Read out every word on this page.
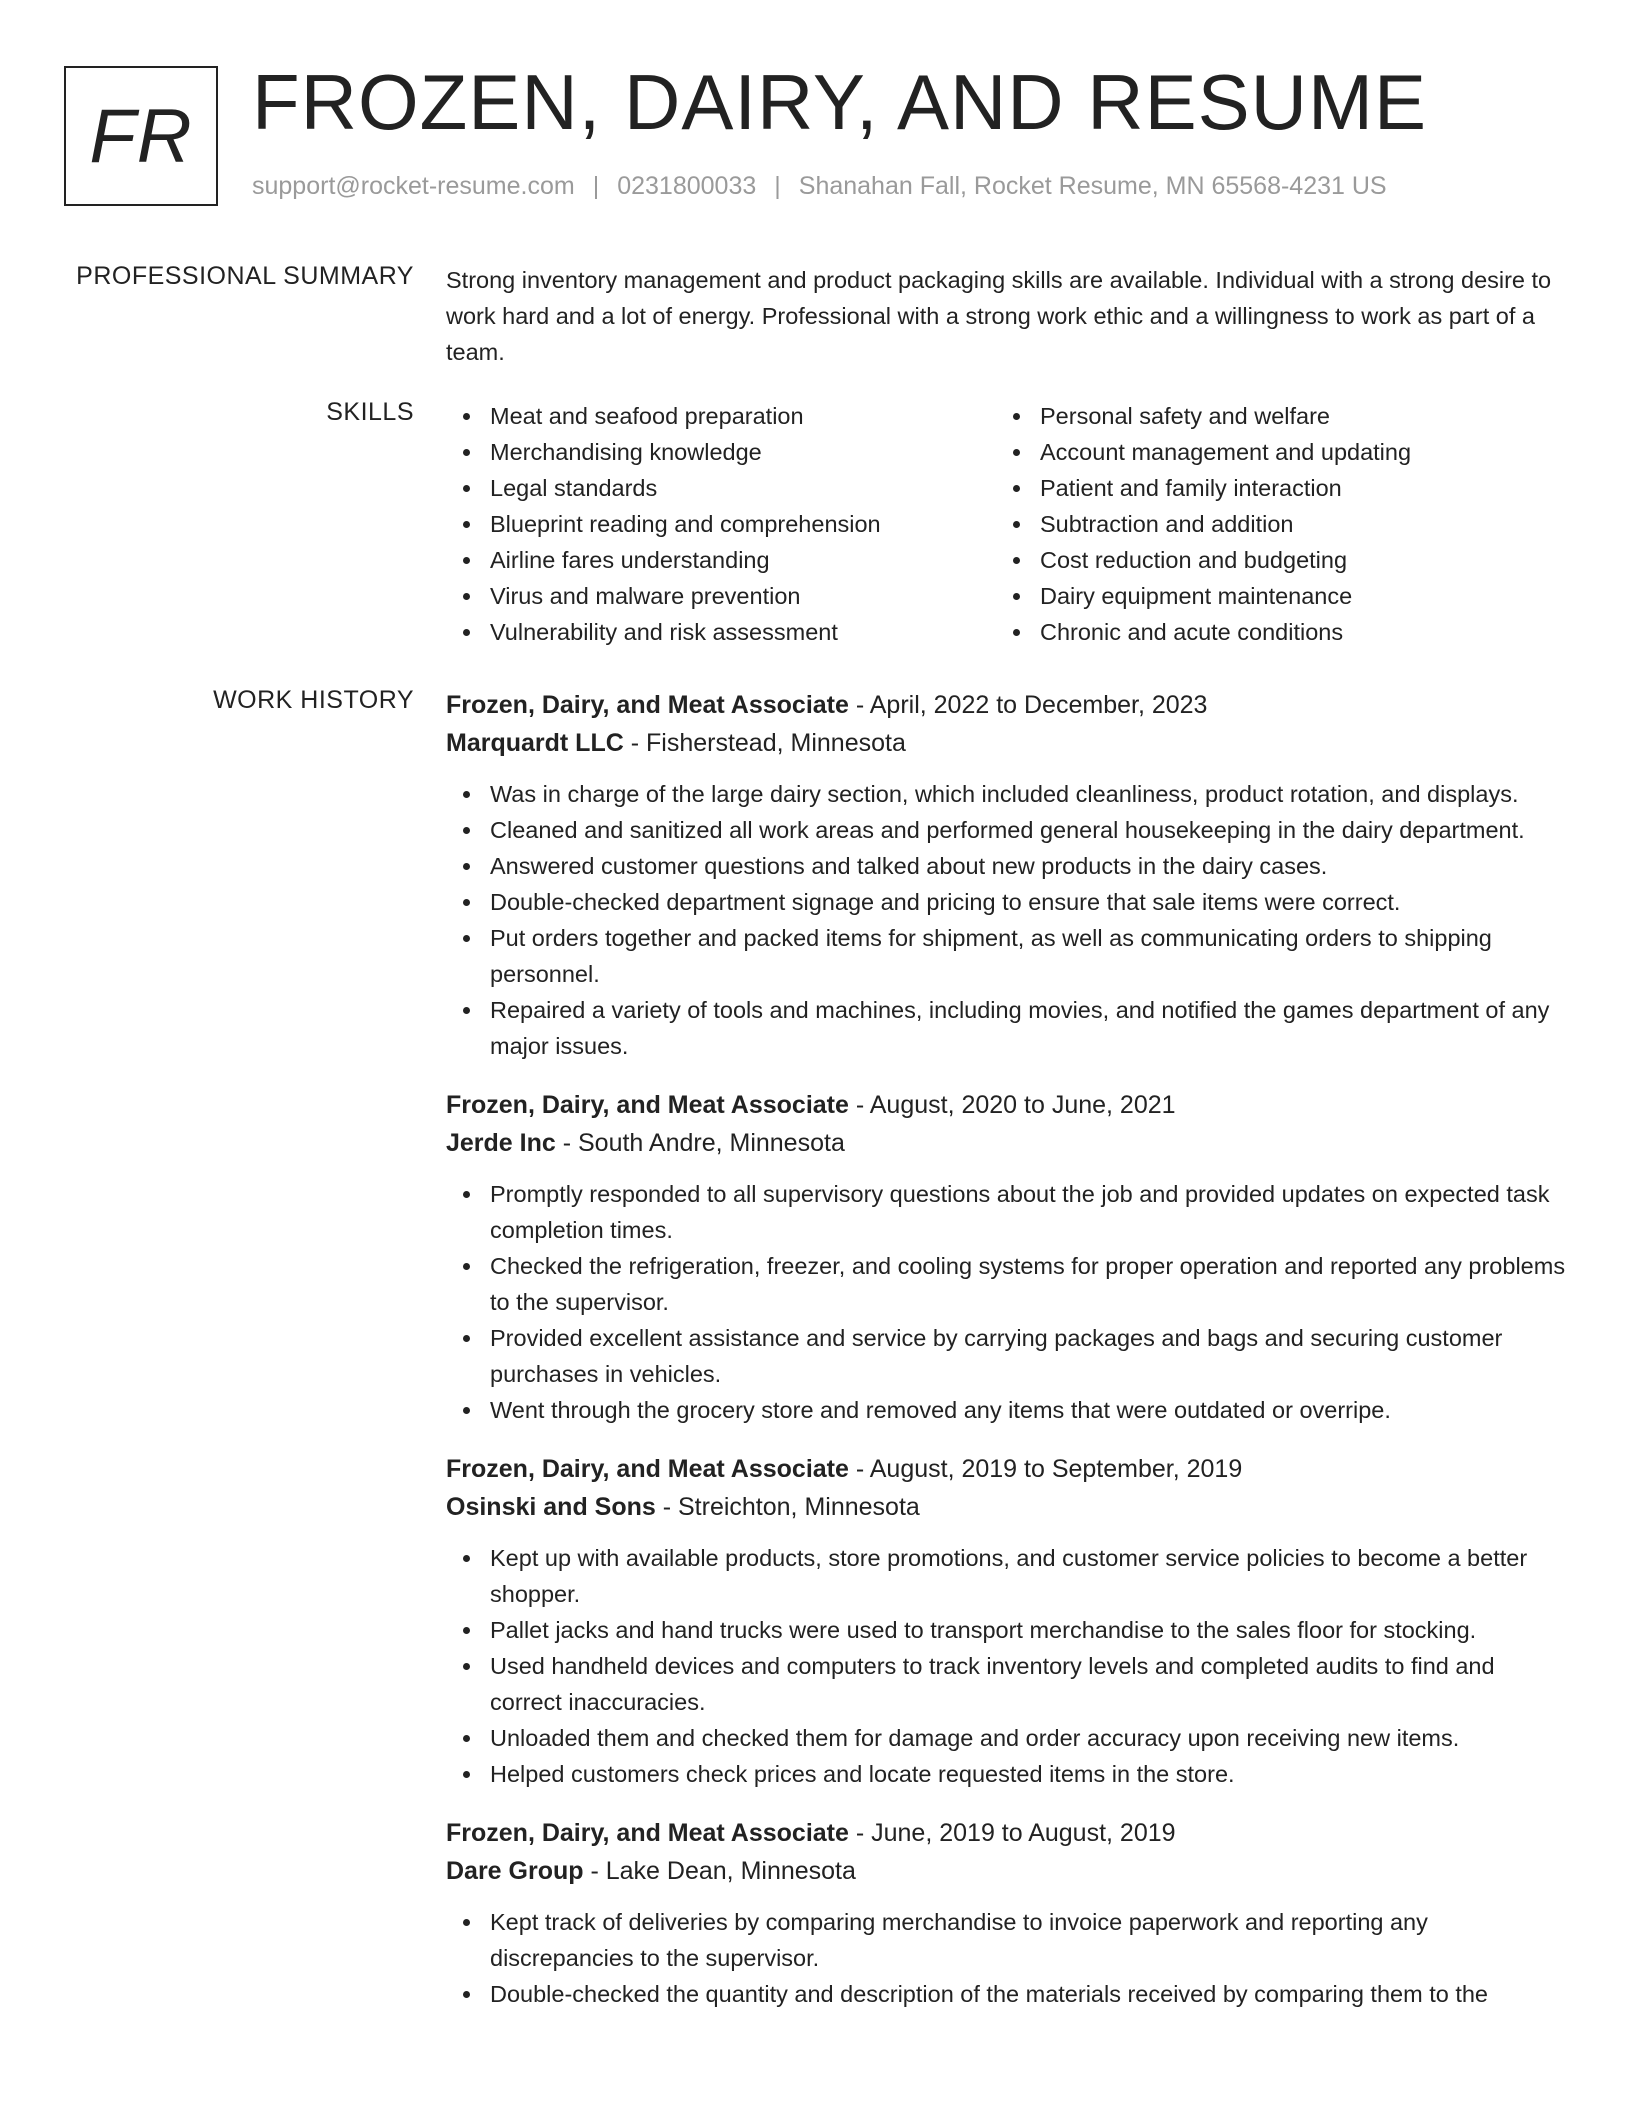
FR FROZEN, DAIRY, AND RESUME
support@rocket-resume.com | 0231800033 | Shanahan Fall, Rocket Resume, MN 65568-4231 US
PROFESSIONAL SUMMARY Strong inventory management and product packaging skills are available. Individual with a strong desire to work hard and a lot of energy. Professional with a strong work ethic and a willingness to work as part of a team.

SKILLS	Meat and seafood preparation
Merchandising knowledge
Legal standards
Blueprint reading and comprehension
Airline fares understanding
Virus and malware prevention
Vulnerability and risk assessment
Personal safety and welfare
Account management and updating
Patient and family interaction
Subtraction and addition
Cost reduction and budgeting
Dairy equipment maintenance
Chronic and acute conditions
WORK HISTORY Frozen, Dairy, and Meat Associate - April, 2022 to December, 2023
Marquardt LLC - Fisherstead, Minnesota
Was in charge of the large dairy section, which included cleanliness, product rotation, and displays.
Cleaned and sanitized all work areas and performed general housekeeping in the dairy department.
Answered customer questions and talked about new products in the dairy cases.
Double-checked department signage and pricing to ensure that sale items were correct.
Put orders together and packed items for shipment, as well as communicating orders to shipping personnel.
Repaired a variety of tools and machines, including movies, and notified the games department of any major issues.
Frozen, Dairy, and Meat Associate - August, 2020 to June, 2021
Jerde Inc - South Andre, Minnesota
Promptly responded to all supervisory questions about the job and provided updates on expected task completion times.
Checked the refrigeration, freezer, and cooling systems for proper operation and reported any problems to the supervisor.
Provided excellent assistance and service by carrying packages and bags and securing customer purchases in vehicles.
Went through the grocery store and removed any items that were outdated or overripe.
Frozen, Dairy, and Meat Associate - August, 2019 to September, 2019
Osinski and Sons - Streichton, Minnesota
Kept up with available products, store promotions, and customer service policies to become a better shopper.
Pallet jacks and hand trucks were used to transport merchandise to the sales floor for stocking.
Used handheld devices and computers to track inventory levels and completed audits to find and correct inaccuracies.
Unloaded them and checked them for damage and order accuracy upon receiving new items.
Helped customers check prices and locate requested items in the store.
Frozen, Dairy, and Meat Associate - June, 2019 to August, 2019
Dare Group - Lake Dean, Minnesota
Kept track of deliveries by comparing merchandise to invoice paperwork and reporting any discrepancies to the supervisor.
Double-checked the quantity and description of the materials received by comparing them to the
